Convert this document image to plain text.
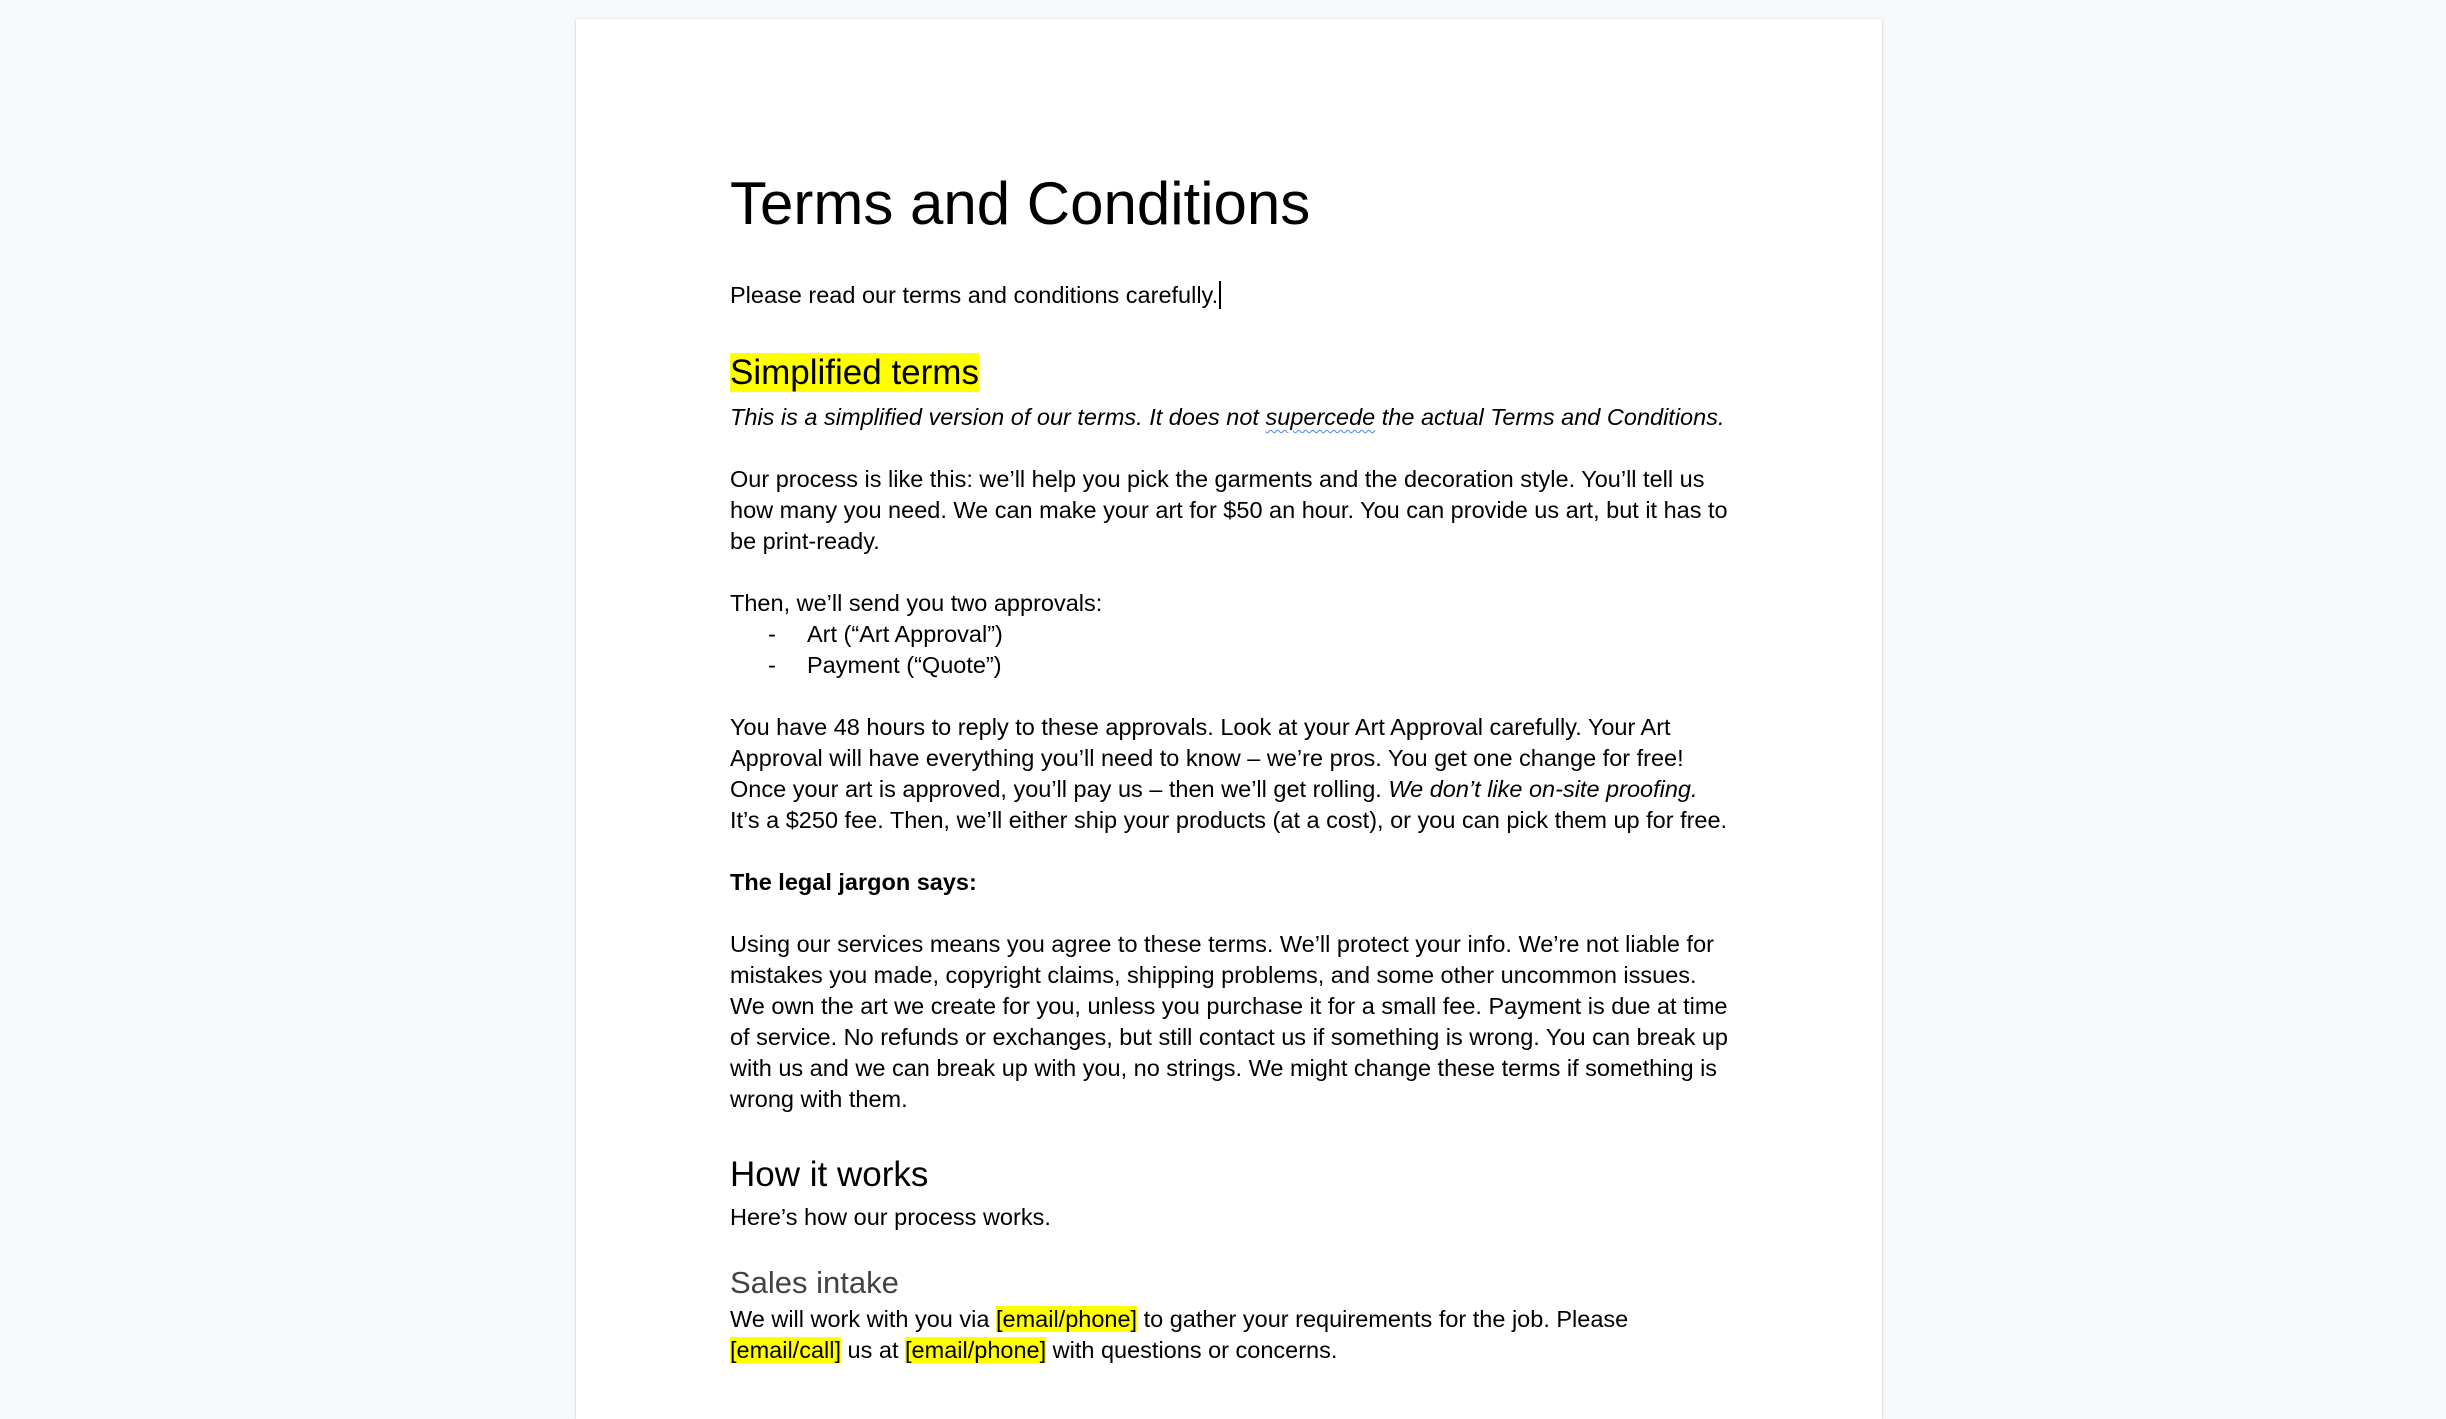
Terms and Conditions

Please read our terms and conditions carefully.

Simplified terms

This is a simplified version of our terms. It does not supercede the actual Terms and Conditions.

Our process is like this: we’ll help you pick the garments and the decoration style. You’ll tell us how many you need. We can make your art for $50 an hour. You can provide us art, but it has to be print-ready.

Then, we’ll send you two approvals:

- Art (“Art Approval”)
- Payment (“Quote”)

You have 48 hours to reply to these approvals. Look at your Art Approval carefully. Your Art Approval will have everything you’ll need to know – we’re pros. You get one change for free! Once your art is approved, you’ll pay us – then we’ll get rolling. We don’t like on-site proofing. It’s a $250 fee. Then, we’ll either ship your products (at a cost), or you can pick them up for free.

The legal jargon says:

Using our services means you agree to these terms. We’ll protect your info. We’re not liable for mistakes you made, copyright claims, shipping problems, and some other uncommon issues. We own the art we create for you, unless you purchase it for a small fee. Payment is due at time of service. No refunds or exchanges, but still contact us if something is wrong. You can break up with us and we can break up with you, no strings. We might change these terms if something is wrong with them.

How it works

Here’s how our process works.

Sales intake

We will work with you via [email/phone] to gather your requirements for the job. Please [email/call] us at [email/phone] with questions or concerns.
